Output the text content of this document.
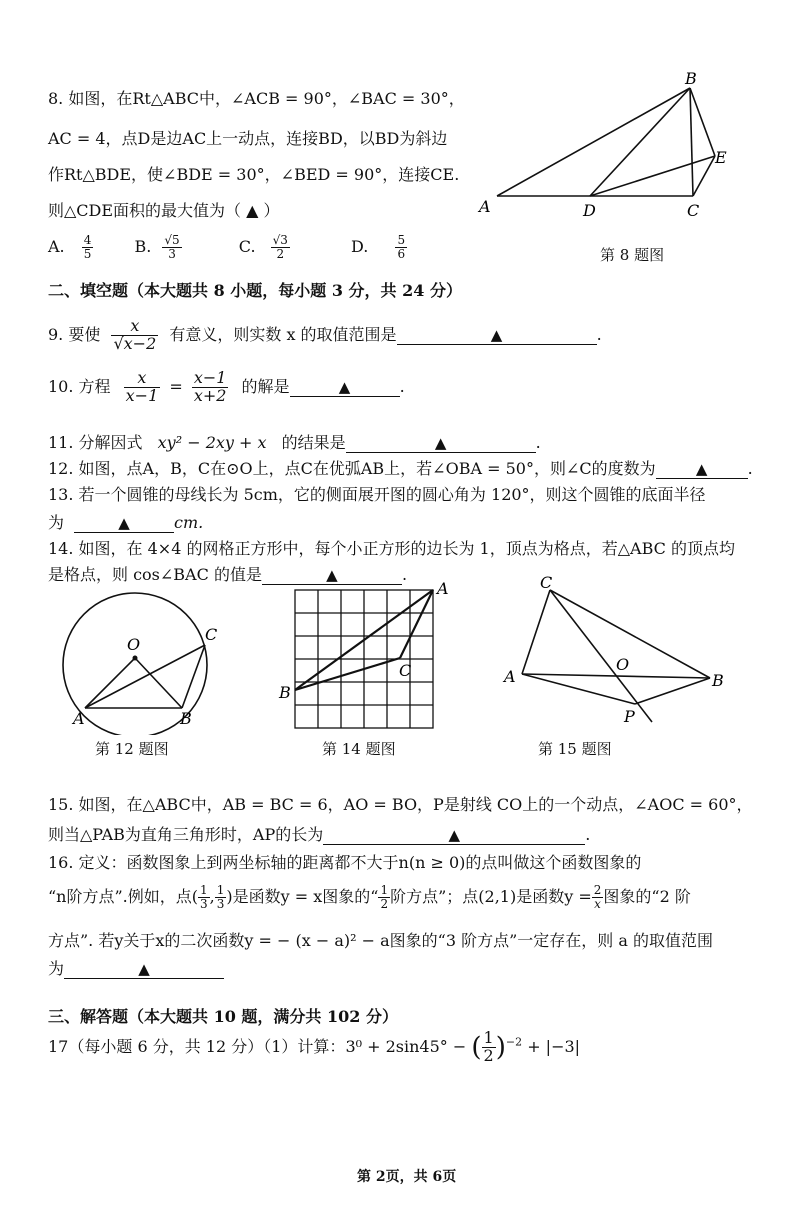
8. 如图，在Rt△ABC中，∠ACB = 90°，∠BAC = 30°，
AC = 4，点D是边AC上一动点，连接BD，以BD为斜边
作Rt△BDE，使∠BDE = 30°，∠BED = 90°，连接CE.
则△CDE面积的最大值为（ ▲ ）
A. $\frac{4}{5}$	B. $\frac{√5}{3}$	C. $\frac{√3}{2}$	D. $\frac{5}{6}$
A
B
C
D
E
第 8 题图
二、填空题（本大题共 8 小题，每小题 3 分，共 24 分）
9. 要使 $\frac{x}{√x-2}$ 有意义，则实数 x 的取值范围是	▲	.
10. 方程 $\frac{x}{x-1} = \frac{x-1}{x+2}$ 的解是	▲	.
11. 分解因式 xy² − 2xy + x 的结果是	▲	.
12. 如图，点A，B，C在⊙O上，点C在优弧AB上，若∠OBA = 50°，则∠C的度数为	▲	.
13. 若一个圆锥的母线长为 5cm，它的侧面展开图的圆心角为 120°，则这个圆锥的底面半径
为	▲	cm.
14. 如图，在 4×4 的网格正方形中，每个小正方形的边长为 1，顶点为格点，若△ABC 的顶点均
是格点，则 cos∠BAC 的值是	▲	.
O
A	B
C
第 12 题图
A
B
C
第 14 题图
C
A	B
O
P
第 15 题图
15. 如图，在△ABC中，AB = BC = 6，AO = BO，P是射线 CO上的一个动点，∠AOC = 60°，
则当△PAB为直角三角形时，AP的长为	▲	.
16. 定义：函数图象上到两坐标轴的距离都不大于n(n ≥ 0)的点叫做这个函数图象的
“n阶方点”.例如，点( $\frac{1}{3}$ , $\frac{1}{3}$ )是函数y = x图象的“ $\frac{1}{2}$ 阶方点”；点(2,1)是函数$y = \frac{2}{x}$ 图象的“2 阶
方点”. 若y关于x的二次函数y = − (x − a)² − a图象的“3 阶方点”一定存在，则 a 的取值范围
为	▲
三、解答题（本大题共 10 题，满分共 102 分）
17（每小题 6 分，共 12 分）（1）计算：3⁰ + 2sin45° − ( $\frac{1}{2} )^{-2} + |-3|$
第 2页，共 6页
